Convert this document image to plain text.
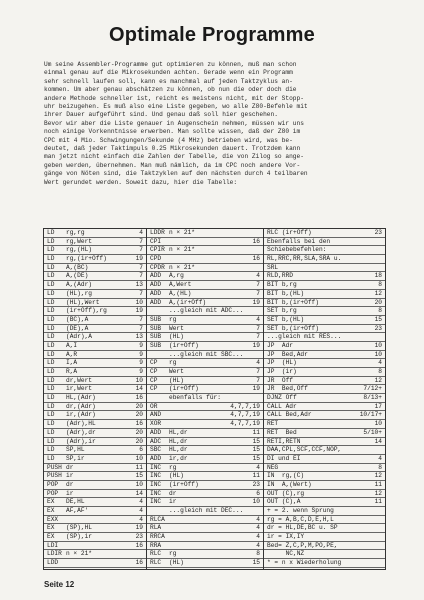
Optimale Programme
Um seine Assembler-Programme gut optimieren zu können, muß man schon
einmal genau auf die Mikrosekunden achten. Gerade wenn ein Programm
sehr schnell laufen soll, kann es manchmal auf jeden Taktzyklus an-
kommen. Um aber genau abschätzen zu können, ob nun die oder doch die
andere Methode schneller ist, reicht es meistens nicht, mit der Stopp-
uhr beizugehen. Es muß also eine Liste gegeben, wo alle Z80-Befehle mit
ihrer Dauer aufgeführt sind. Und genau daß soll hier geschehen.
Bevor wir aber die Liste genauer in Augenschein nehmen, müssen wir uns
noch einige Vorkenntnisse erwerben. Man sollte wissen, daß der Z80 im
CPC mit 4 Mio. Schwingungen/Sekunde (4 MHz) betrieben wird, was be-
deutet, daß jeder Taktimpuls 0.25 Mikrosekunden dauert. Trotzdem kann
man jetzt nicht einfach die Zahlen der Tabelle, die von Zilog so ange-
geben werden, übernehmen. Man muß nämlich, da im CPC noch andere Vor-
gänge von Nöten sind, die Taktzyklen auf den nächsten durch 4 teilbaren
Wert gerundet werden. Soweit dazu, hier die Tabelle:
LD rg,rg	4
LD rg,Wert	7
LD rg,(HL)	7
LD rg,(ir+Off)	19
LD A,(BC)	7
LD A,(DE)	7
LD A,(Adr)	13
LD (HL),rg	7
LD (HL),Wert	10
LD (ir+Off),rg	19
LD (BC),A	7
LD (DE),A	7
LD (Adr),A	13
LD A,I	9
LD A,R	9
LD I,A	9
LD R,A	9
LD dr,Wert	10
LD ir,Wert	14
LD HL,(Adr)	16
LD dr,(Adr)	20
LD ir,(Adr)	20
LD (Adr),HL	16
LD (Adr),dr	20
LD (Adr),ir	20
LD SP,HL	6
LD SP,ir	10
PUSH dr	11
PUSH ir	15
POP dr	10
POP ir	14
EX DE,HL	4
EX AF,AF'	4
EXX	4
EX (SP),HL	19
EX (SP),ir	23
LDI	16
LDIR n × 21*
LDD	16
LDDR n × 21*
CPI	16
CPIR n × 21*
CPD	16
CPDR n × 21*
ADD A,rg	4
ADD A,Wert	7
ADD A,(HL)	7
ADD A,(ir+Off)	19
...gleich mit ADC...
SUB rg	4
SUB Wert	7
SUB (HL)	7
SUB (ir+Off)	19
...gleich mit SBC...
CP rg	4
CP Wert	7
CP (HL)	7
CP (ir+Off)	19
ebenfalls für:
OR	4,7,7,19
AND	4,7,7,19
XOR	4,7,7,19
ADD HL,dr	11
ADC HL,dr	15
SBC HL,dr	15
ADD ir,dr	15
INC rg	4
INC (HL)	11
INC (ir+Off)	23
INC dr	6
INC ir	10
...gleich mit DEC...
RLCA	4
RLA	4
RRCA	4
RRA	4
RLC rg	8
RLC (HL)	15
RLC (ir+Off)	23
Ebenfalls bei den
Schiebebefehlen:
RL,RRC,RR,SLA,SRA u.
SRL
RLD,RRD	18
BIT b,rg	8
BIT b,(HL)	12
BIT b,(ir+Off)	20
SET b,rg	8
SET b,(HL)	15
SET b,(ir+Off)	23
...gleich mit RES...
JP  Adr	10
JP  Bed,Adr	10
JP  (HL)	4
JP  (ir)	8
JR  Off	12
JR  Bed,Off	7/12+
DJNZ Off	8/13+
CALL Adr	17
CALL Bed,Adr	10/17+
RET	10
RET  Bed	5/10+
RETI,RETN	14
DAA,CPL,SCF,CCF,NOP,
DI und EI	4
NEG	8
IN  rg,(C)	12
IN  A,(Wert)	11
OUT (C),rg	12
OUT (C),A	11
+ = 2. wenn Sprung
rg = A,B,C,D,E,H,L
dr = HL,DE,BC u. SP
ir = IX,IY
Bed= Z,C,P,M,PO,PE,
NC,NZ
* = n x Wiederholung

Seite 12
